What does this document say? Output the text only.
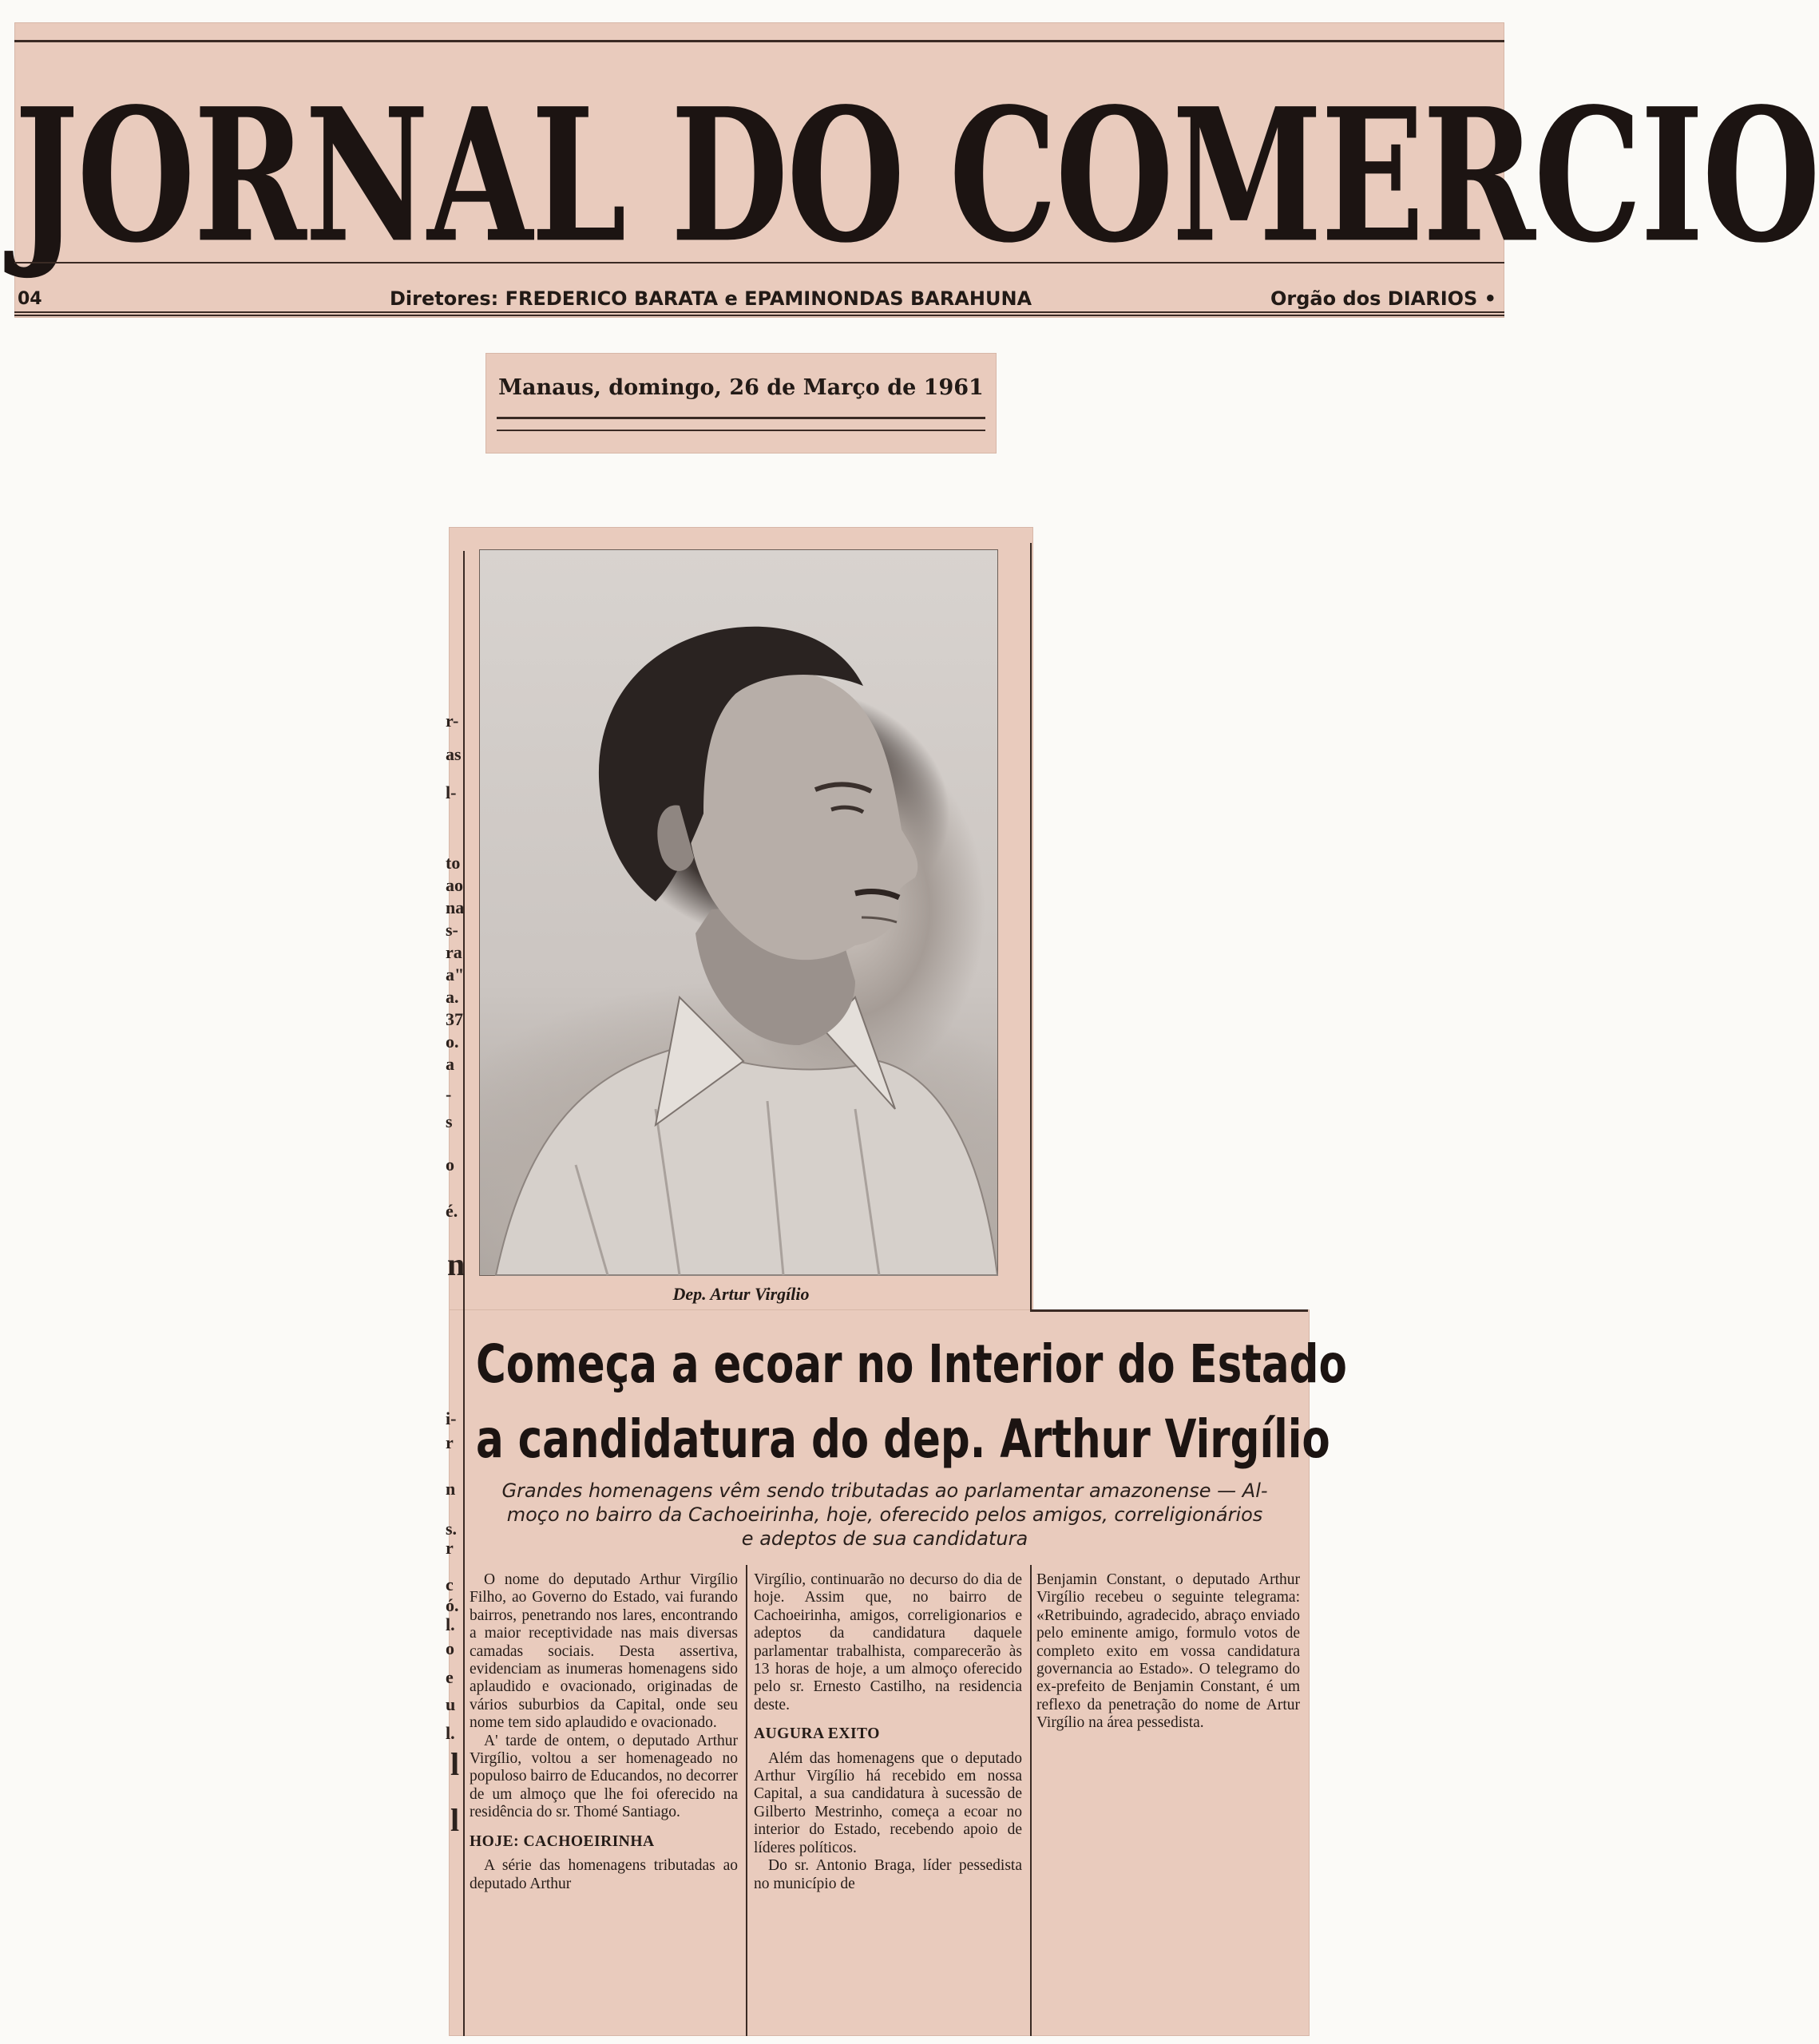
JORNAL DO COMERCIO
04	Diretores: FREDERICO BARATA e EPAMINONDAS BARAHUNA	Orgão dos DIARIOS •
Manaus, domingo, 26 de Março de 1961
r-
as
l-
to
ao
na
s-
ra
a"
a.
37
o.
a
-
s
o
é.
n
i-
r
n
s.
r
c
ó.
l.
o
e
u
l.
l
l
Dep. Artur Virgílio
Começa a ecoar no Interior do Estado
a candidatura do dep. Arthur Virgílio
Grandes homenagens vêm sendo tributadas ao parlamentar amazonense — Al-
moço no bairro da Cachoeirinha, hoje, oferecido pelos amigos, correligionários
e adeptos de sua candidatura

O nome do deputado Arthur Virgílio Filho, ao Governo do Estado, vai furando bairros, penetrando nos lares, encontrando a maior receptividade nas mais diversas camadas sociais. Desta assertiva, evidenciam as inumeras homenagens sido aplaudido e ovacionado, originadas de vários suburbios da Capital, onde seu nome tem sido aplaudido e ovacionado.

A' tarde de ontem, o deputado Arthur Virgílio, voltou a ser homenageado no populoso bairro de Educandos, no decorrer de um almoço que lhe foi oferecido na residência do sr. Thomé Santiago.

HOJE: CACHOEIRINHA

A série das homenagens tributadas ao deputado Arthur

Virgílio, continuarão no decurso do dia de hoje. Assim que, no bairro de Cachoeirinha, amigos, correligionarios e adeptos da candidatura daquele parlamentar trabalhista, comparecerão às 13 horas de hoje, a um almoço oferecido pelo sr. Ernesto Castilho, na residencia deste.

AUGURA EXITO

Além das homenagens que o deputado Arthur Virgílio há recebido em nossa Capital, a sua candidatura à sucessão de Gilberto Mestrinho, começa a ecoar no interior do Estado, recebendo apoio de líderes políticos.

Do sr. Antonio Braga, líder pessedista no município de

Benjamin Constant, o deputado Arthur Virgílio recebeu o seguinte telegrama: «Retribuindo, agradecido, abraço enviado pelo eminente amigo, formulo votos de completo exito em vossa candidatura governancia ao Estado». O telegramo do ex-prefeito de Benjamin Constant, é um reflexo da penetração do nome de Artur Virgílio na área pessedista.
